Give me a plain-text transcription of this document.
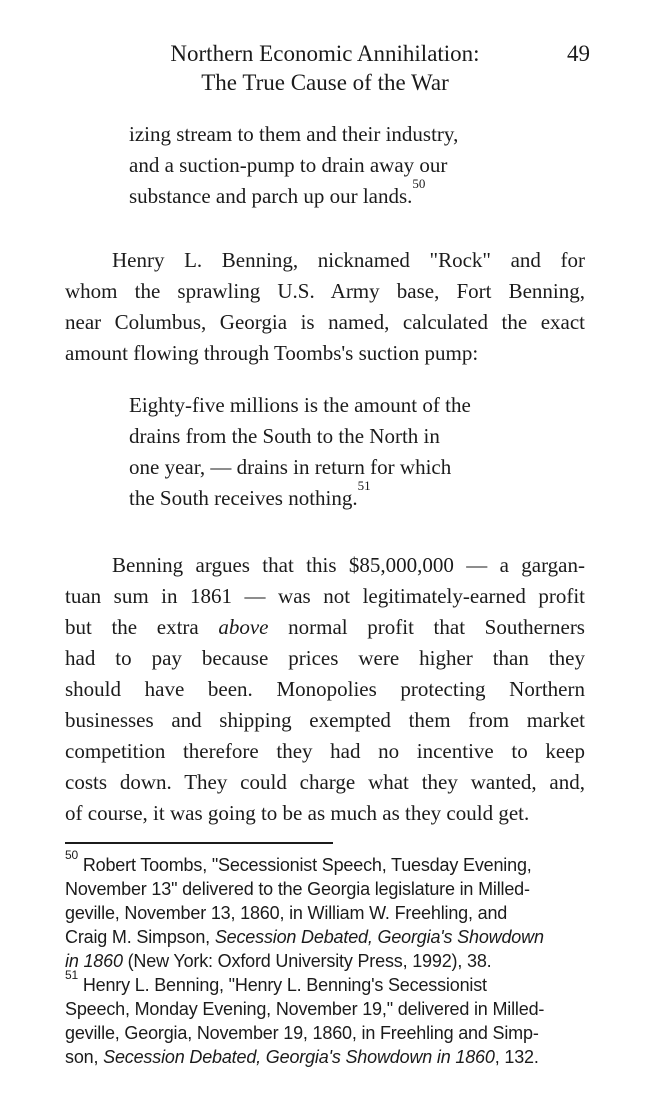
Northern Economic Annihilation:
The True Cause of the War
49
izing stream to them and their industry,
and a suction-pump to drain away our
substance and parch up our lands.$^{50}$
Henry L. Benning, nicknamed "Rock" and for
whom the sprawling U.S. Army base, Fort Benning,
near Columbus, Georgia is named, calculated the exact
amount flowing through Toombs's suction pump:
Eighty-five millions is the amount of the
drains from the South to the North in
one year, — drains in return for which
the South receives nothing.$^{51}$
Benning argues that this $85,000,000 — a gargan-
tuan sum in 1861 — was not legitimately-earned profit
but the extra above normal profit that Southerners
had to pay because prices were higher than they
should have been. Monopolies protecting Northern
businesses and shipping exempted them from market
competition therefore they had no incentive to keep
costs down. They could charge what they wanted, and,
of course, it was going to be as much as they could get.
$^{50}$ Robert Toombs, "Secessionist Speech, Tuesday Evening,
November 13" delivered to the Georgia legislature in Milled-
geville, November 13, 1860, in William W. Freehling, and
Craig M. Simpson, Secession Debated, Georgia's Showdown
in 1860 (New York: Oxford University Press, 1992), 38.
$^{51}$ Henry L. Benning, "Henry L. Benning's Secessionist
Speech, Monday Evening, November 19," delivered in Milled-
geville, Georgia, November 19, 1860, in Freehling and Simp-
son, Secession Debated, Georgia's Showdown in 1860, 132.
